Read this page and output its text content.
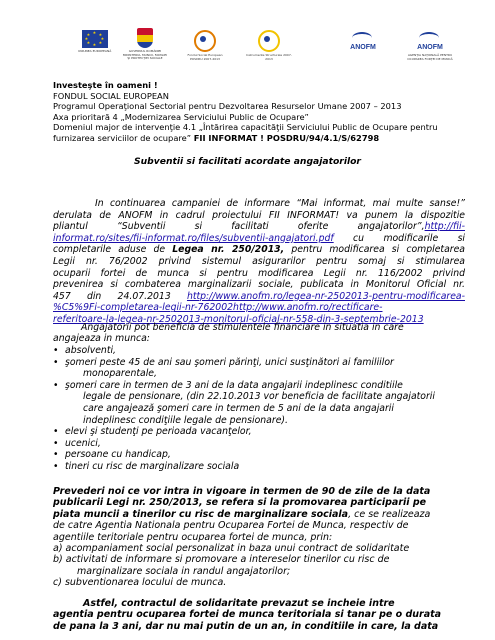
★
★ ★
★	★
★ ★
★
UNIUNEA EUROPEANĂ	GUVERNUL ROMÂNIEI MINISTERUL MUNCII, FAMILIEI ŞI PROTECŢIEI SOCIALE
Fondul Social European POSDRU 2007-2013
Instrumente Structurale 2007-2013
ANOFM	ANOFM
AGENŢIA NAŢIONALĂ PENTRU OCUPAREA FORŢEI DE MUNCĂ
Investeşte în oameni !
FONDUL SOCIAL EUROPEAN
Programul Operaţional Sectorial pentru Dezvoltarea Resurselor Umane 2007 – 2013
Axa prioritară 4 „Modernizarea Serviciului Public de Ocupare”
Domeniul major de intervenţie 4.1 „Întărirea capacităţii Serviciului Public de Ocupare pentru
furnizarea serviciilor de ocupare” FII INFORMAT ! POSDRU/94/4.1/S/62798
Subventii si facilitati acordate angajatorilor
In continuarea campaniei de informare “Mai informat, mai multe sanse!”
derulata de ANOFM in cadrul proiectului FII INFORMAT! va punem la dispozitie
pliantul “Subventii si facilitati oferite angajatorilor”,http://fii-
informat.ro/sites/fii-informat.ro/files/subventii-angajatori.pdf cu modificarile si
completarile aduse de Legea nr. 250/2013, pentru modificarea si completarea
Legii nr. 76/2002 privind sistemul asigurarilor pentru somaj si stimularea
ocuparii fortei de munca si pentru modificarea Legii nr. 116/2002 privind
prevenirea si combaterea marginalizarii sociale, publicata in Monitorul Oficial nr.
457 din 24.07.2013 http://www.anofm.ro/legea-nr-2502013-pentru-modificarea-
%C5%9Fi-completarea-legii-nr-762002http://www.anofm.ro/rectificare-
referitoare-la-legea-nr-2502013-monitorul-oficial-nr-558-din-3-septembrie-2013
Angajatorii pot beneficia de stimulentele financiare in situatia in care
angajeaza in munca:
• absolventi,
• şomeri peste 45 de ani sau şomeri părinţi, unici susţinători ai familiilor
monoparentale,
• şomeri care in termen de 3 ani de la data angajarii indeplinesc conditiile
legale de pensionare, (din 22.10.2013 vor beneficia de facilitate angajatorii
care angajează şomeri care in termen de 5 ani de la data angajarii
indeplinesc condiţiile legale de pensionare).
• elevi şi studenţi pe perioada vacanţelor,
• ucenici,
• persoane cu handicap,
• tineri cu risc de marginalizare sociala
Prevederi noi ce vor intra in vigoare in termen de 90 de zile de la data
publicarii Legi nr. 250/2013, se refera si la promovarea participarii pe
piata muncii a tinerilor cu risc de marginalizare sociala, ce se realizeaza
de catre Agentia Nationala pentru Ocuparea Fortei de Munca, respectiv de
agentiile teritoriale pentru ocuparea fortei de munca, prin:
a) acompaniament social personalizat in baza unui contract de solidaritate
b) activitati de informare si promovare a intereselor tinerilor cu risc de
marginalizare sociala in randul angajatorilor;
c) subventionarea locului de munca.
Astfel, contractul de solidaritate prevazut se incheie intre
agentia pentru ocuparea fortei de munca teritoriala si tanar pe o durata
de pana la 3 ani, dar nu mai putin de un an, in conditiile in care, la data
